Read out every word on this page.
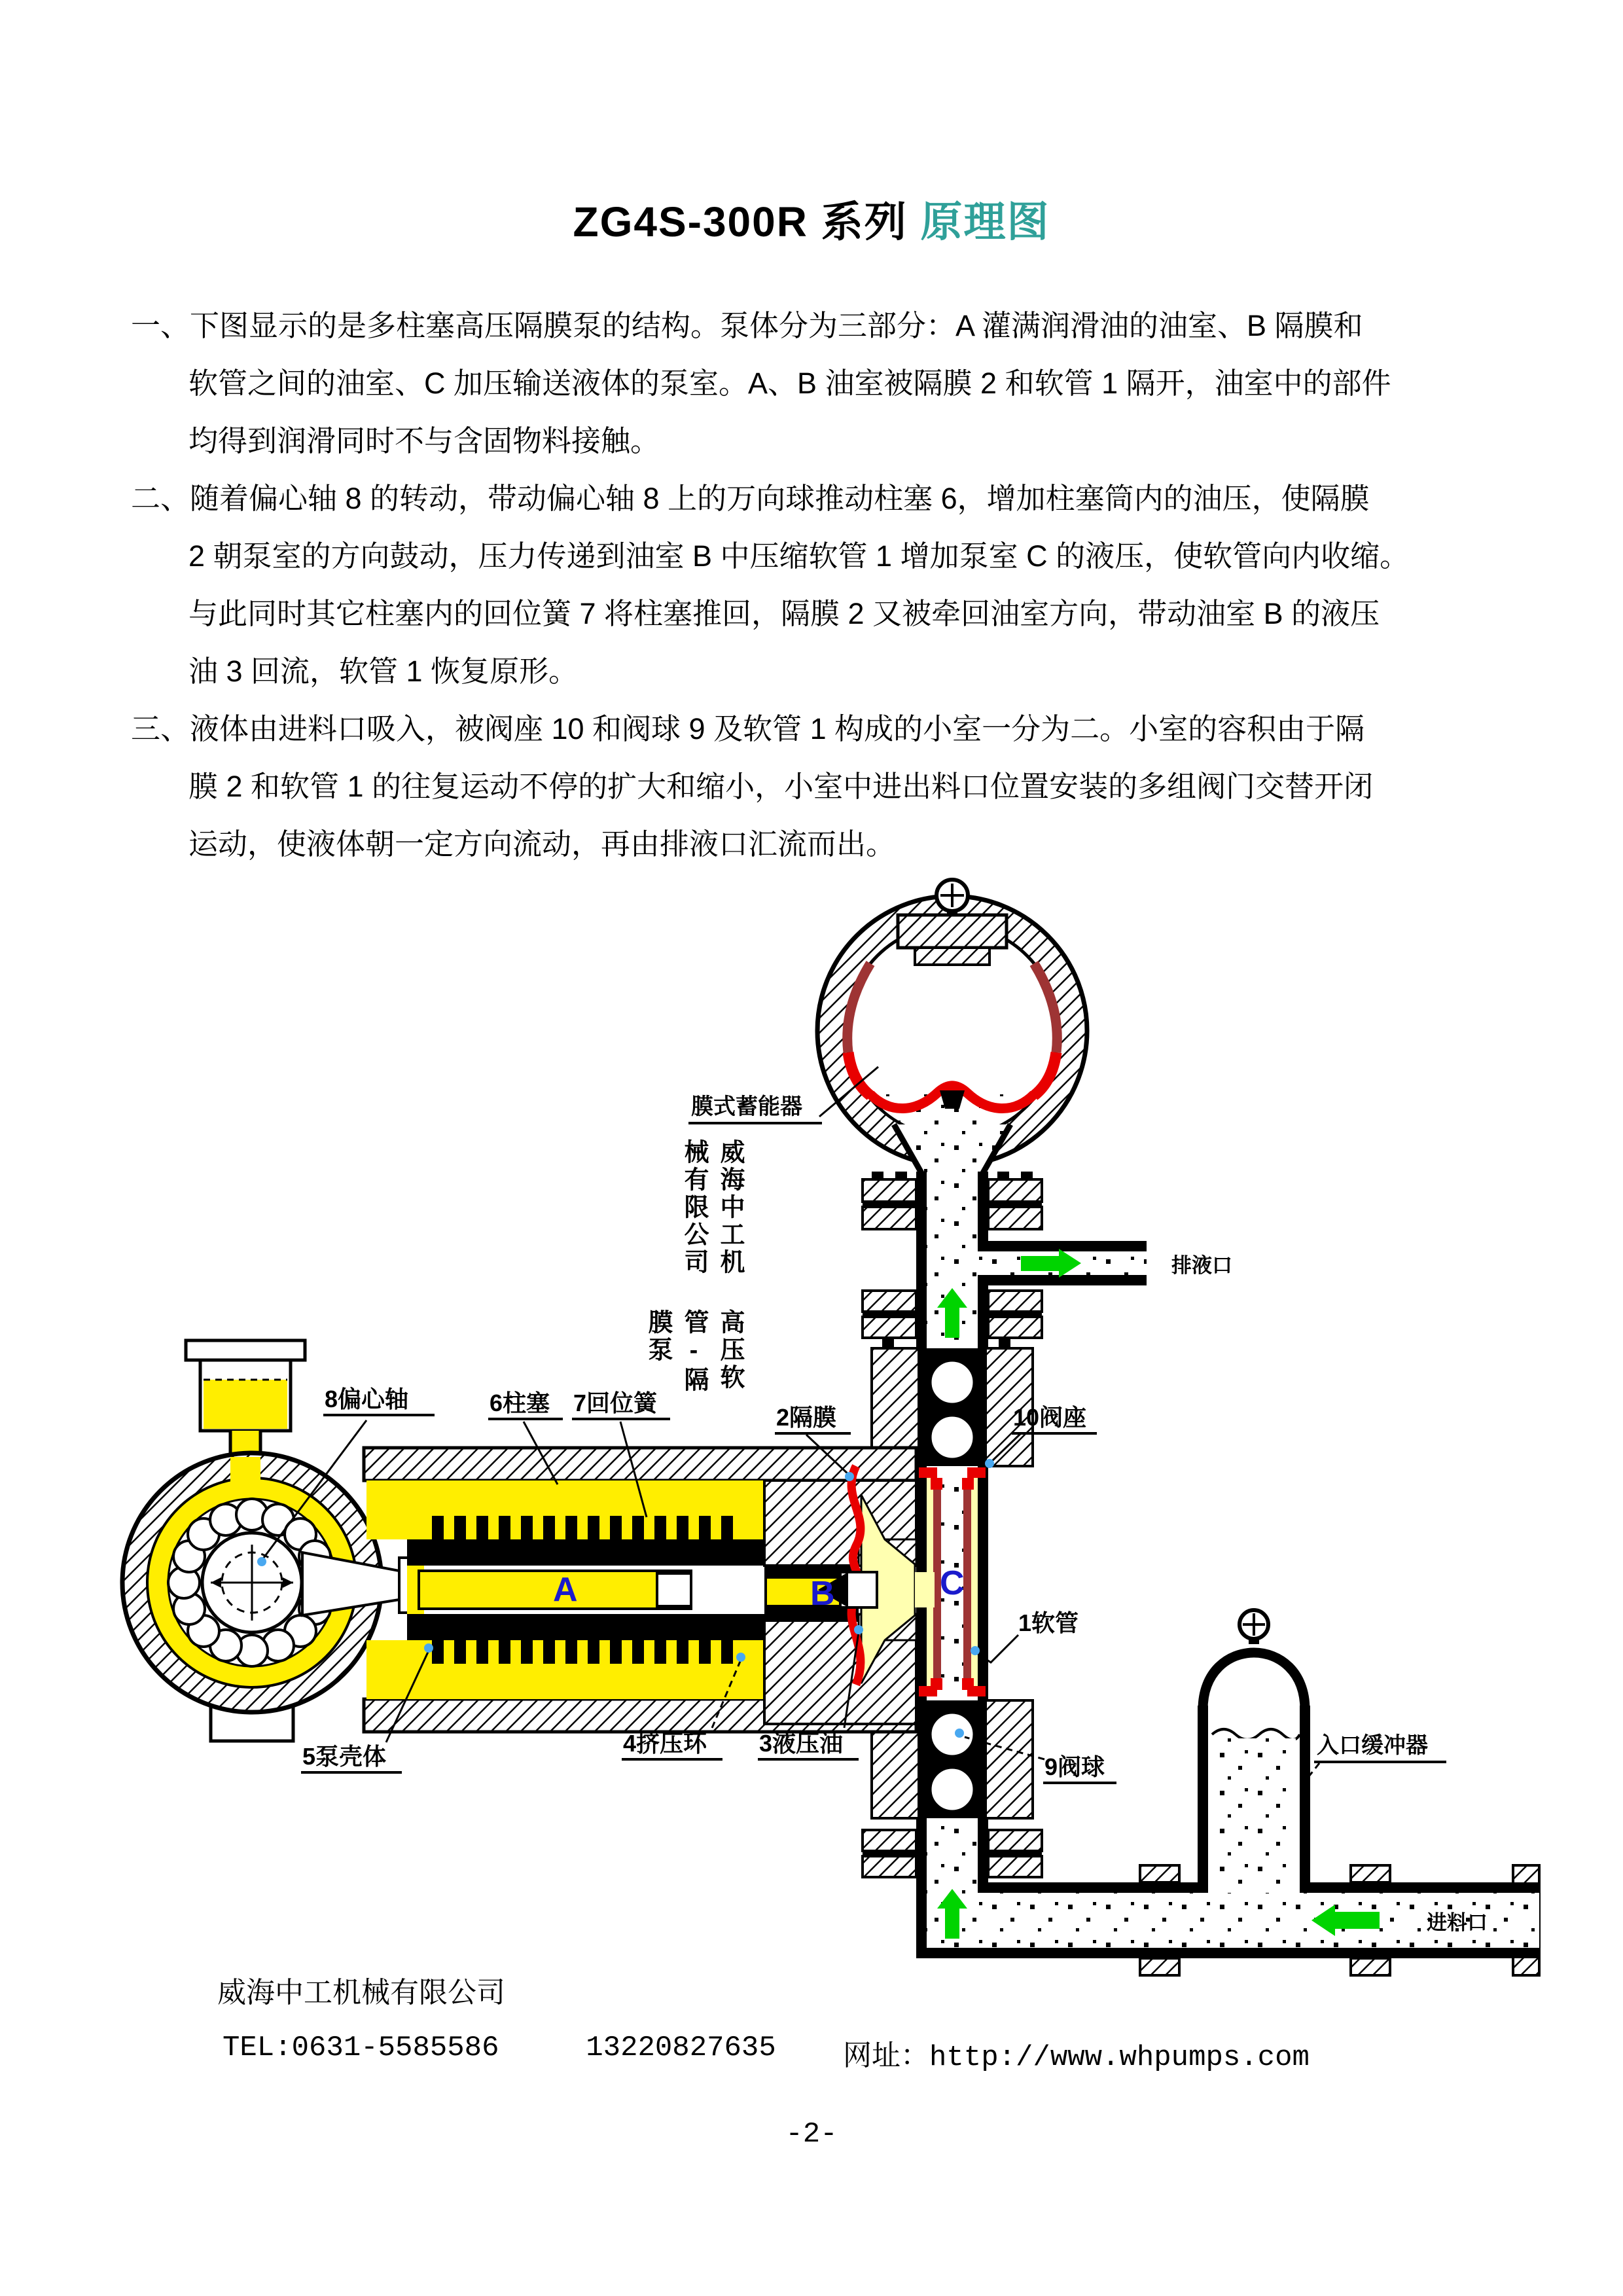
8偏心轴	6柱塞 7回位簧
2隔膜	10阀座
5泵壳体	4挤压环 3液压油
9阀球
1软管
膜式蓄能器
入口缓冲器
排液口
进料口
A	B	C
ZG4S-300R 系列 原理图
一、下图显示的是多柱塞高压隔膜泵的结构。泵体分为三部分：A 灌满润滑油的油室、B 隔膜和
软管之间的油室、C 加压输送液体的泵室。A、B 油室被隔膜 2 和软管 1 隔开，油室中的部件
均得到润滑同时不与含固物料接触。
二、随着偏心轴 8 的转动，带动偏心轴 8 上的万向球推动柱塞 6，增加柱塞筒内的油压，使隔膜
2 朝泵室的方向鼓动，压力传递到油室 B 中压缩软管 1 增加泵室 C 的液压，使软管向内收缩。
与此同时其它柱塞内的回位簧 7 将柱塞推回，隔膜 2 又被牵回油室方向，带动油室 B 的液压
油 3 回流，软管 1 恢复原形。
三、液体由进料口吸入，被阀座 10 和阀球 9 及软管 1 构成的小室一分为二。小室的容积由于隔
膜 2 和软管 1 的往复运动不停的扩大和缩小，小室中进出料口位置安装的多组阀门交替开闭
运动，使液体朝一定方向流动，再由排液口汇流而出。
威海中工机械有限公司
高压软管-隔膜泵
威海中工机械有限公司
TEL:0631-5585586	13220827635 网址：http://www.whpumps.com
-2-
